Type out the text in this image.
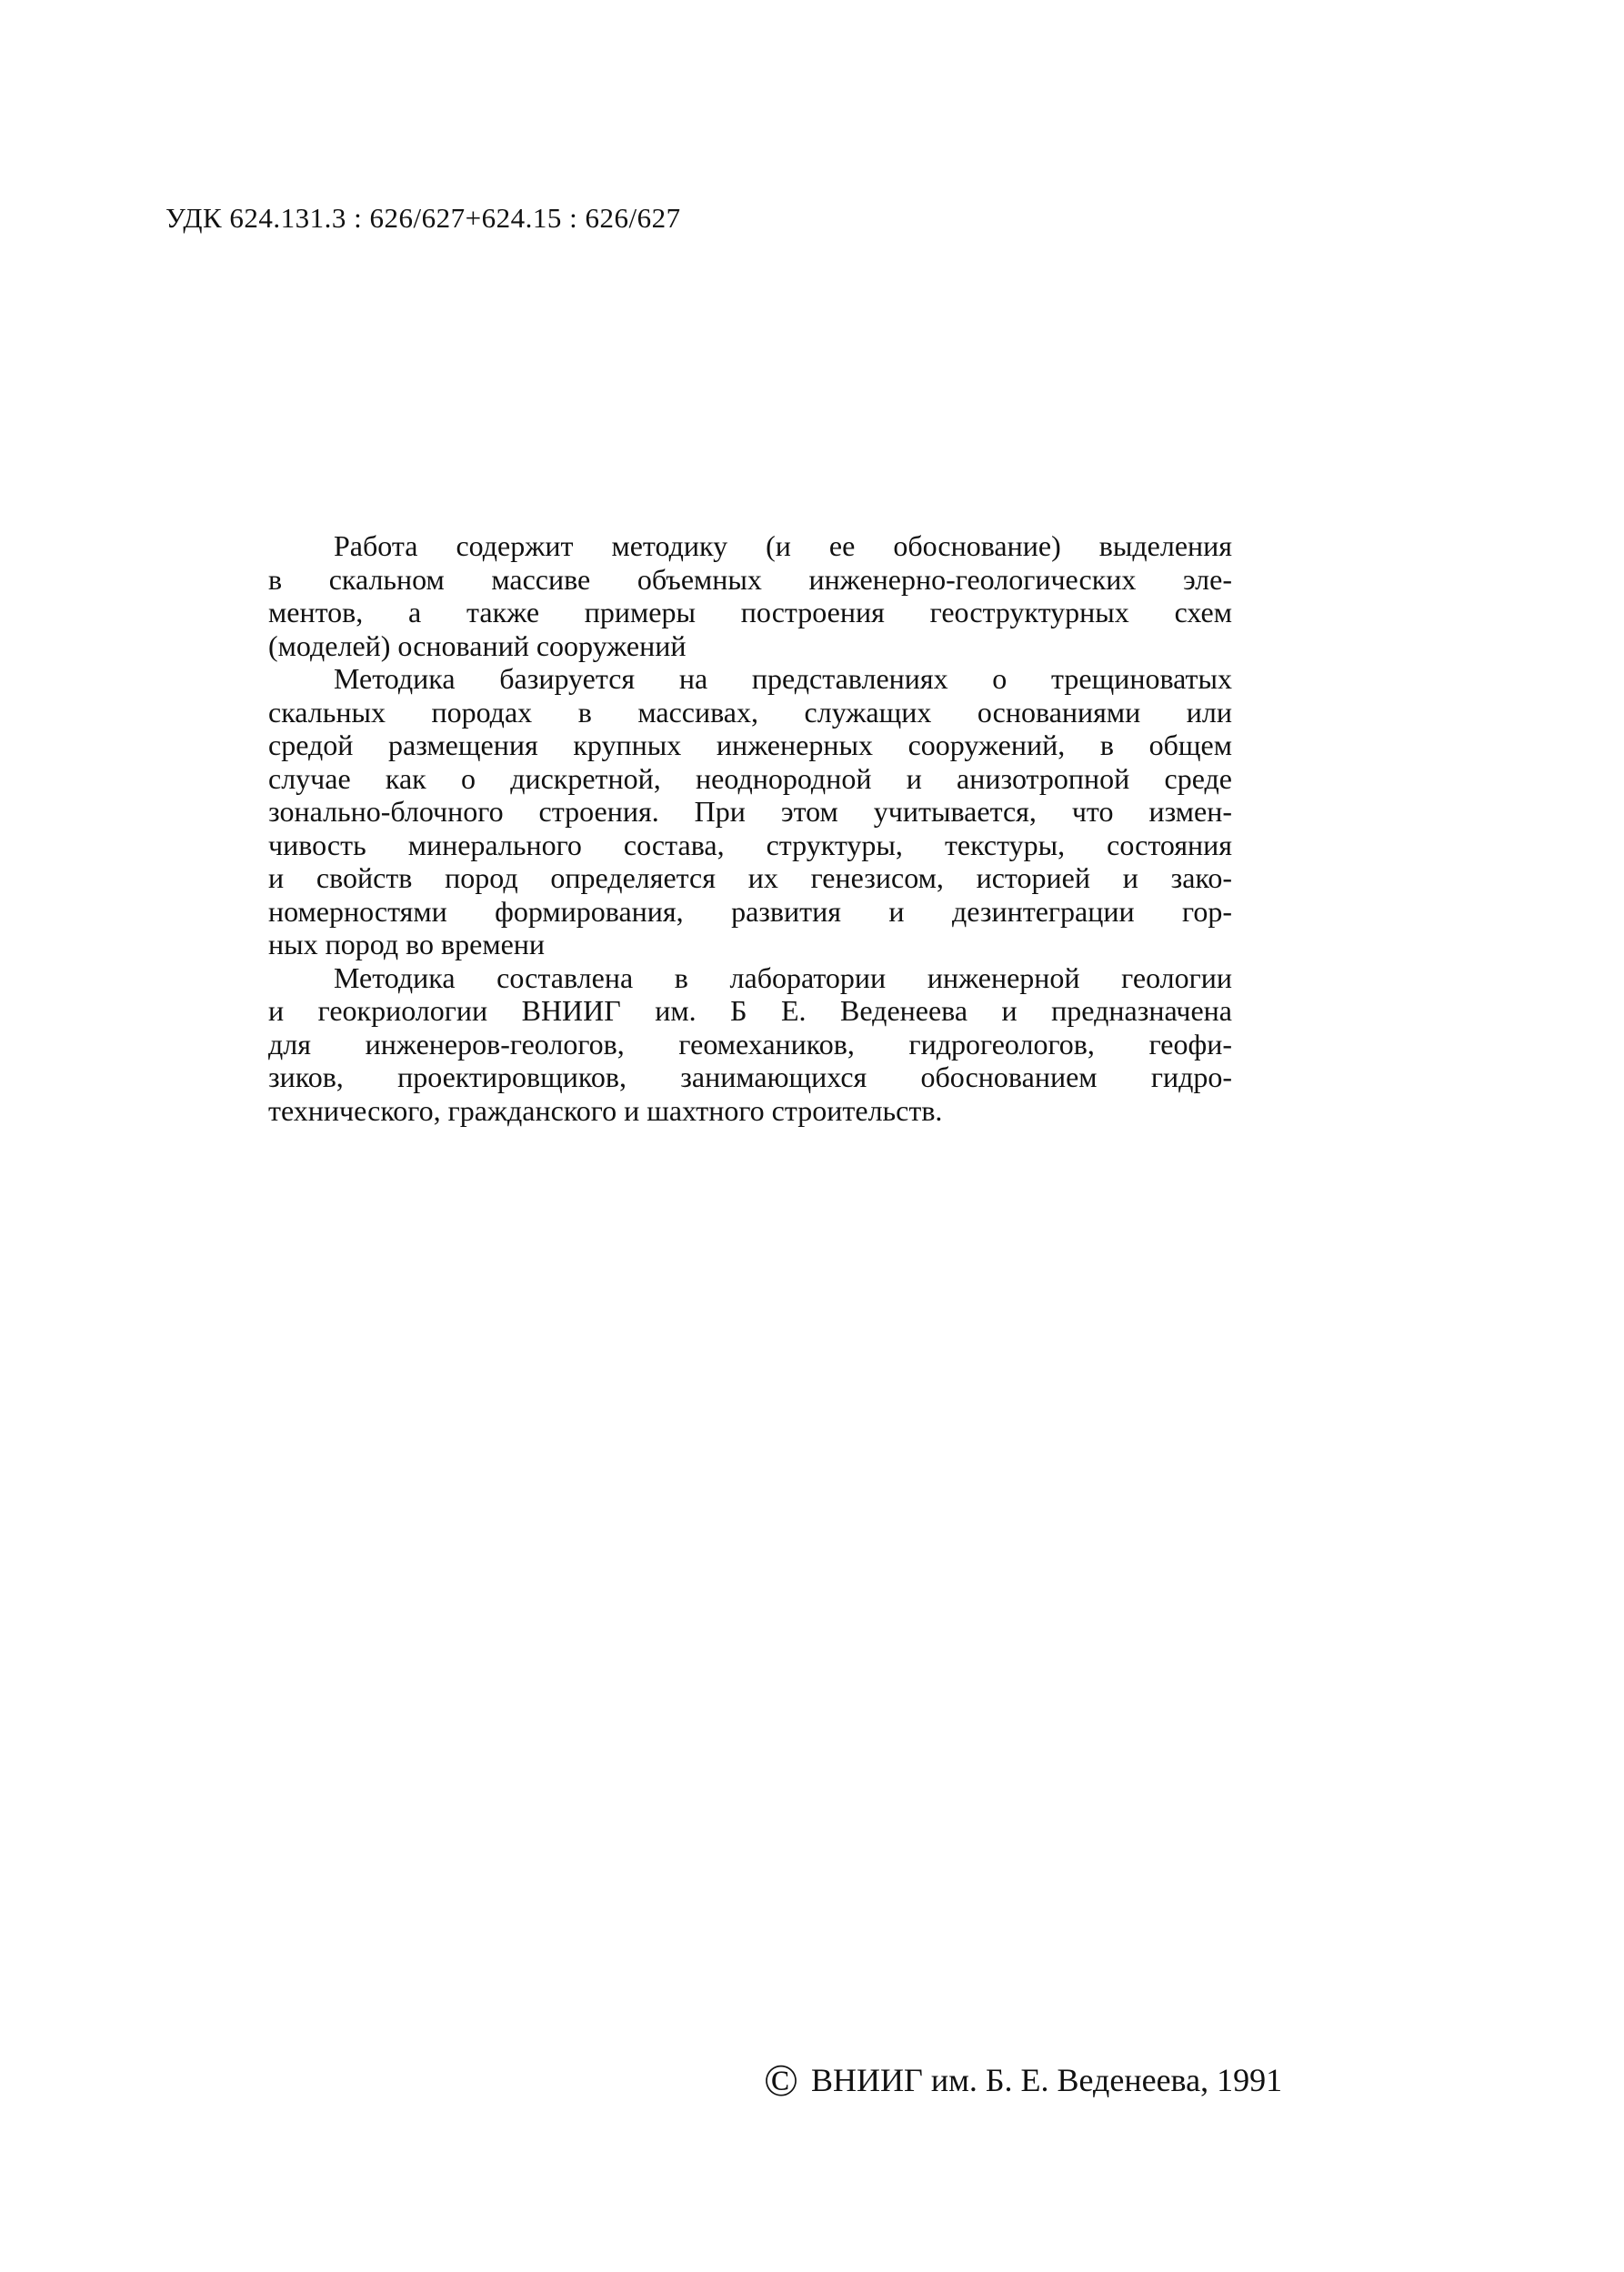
УДК 624.131.3 : 626/627+624.15 : 626/627
Работа содержит методику (и ее обоснование) выделения
в скальном массиве объемных инженерно-геологических эле-
ментов, а также примеры построения геоструктурных схем
(моделей) оснований сооружений
Методика базируется на представлениях о трещиноватых
скальных породах в массивах, служащих основаниями или
средой размещения крупных инженерных сооружений, в общем
случае как о дискретной, неоднородной и анизотропной среде
зонально-блочного строения. При этом учитывается, что измен-
чивость минерального состава, структуры, текстуры, состояния
и свойств пород определяется их генезисом, историей и зако-
номерностями формирования, развития и дезинтеграции гор-
ных пород во времени
Методика составлена в лаборатории инженерной геологии
и геокриологии ВНИИГ им. Б Е. Веденеева и предназначена
для инженеров-геологов, геомехаников, гидрогеологов, геофи-
зиков, проектировщиков, занимающихся обоснованием гидро-
технического, гражданского и шахтного строительств.
© ВНИИГ им. Б. Е. Веденеева, 1991
